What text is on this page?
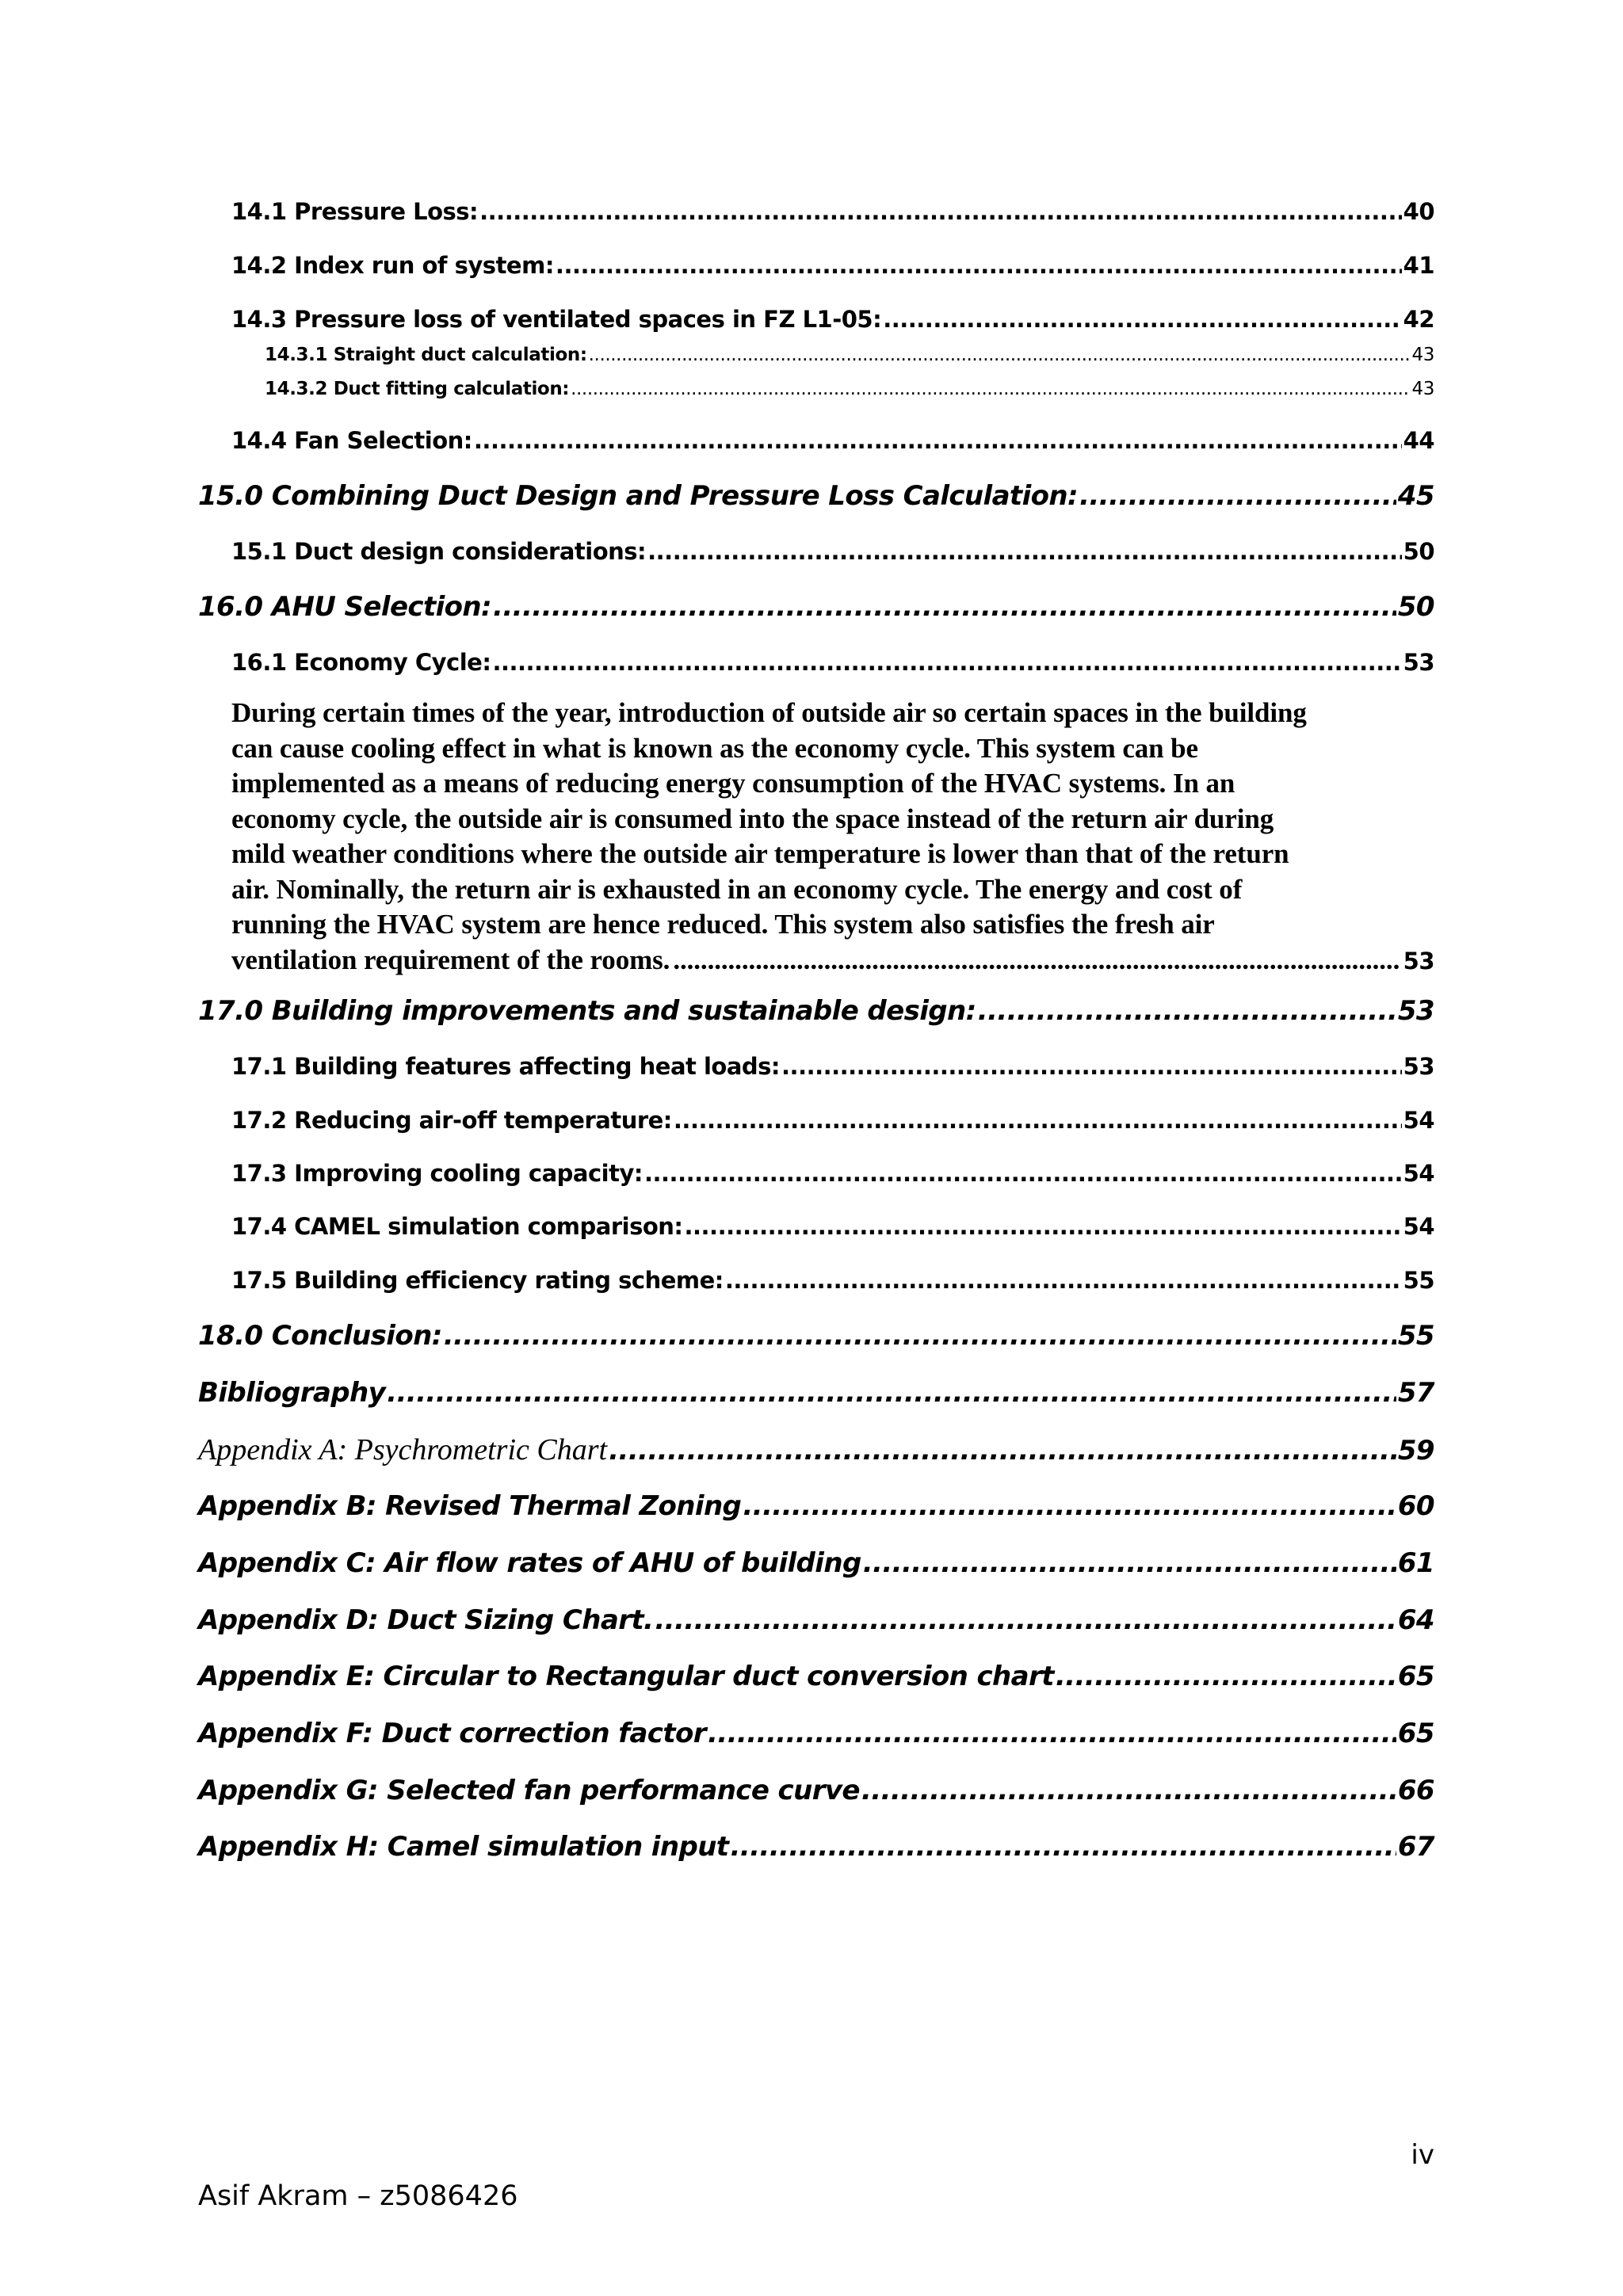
14.1 Pressure Loss: .....	40
14.2 Index run of system: .....	41
14.3 Pressure loss of ventilated spaces in FZ L1-05: .....	42
14.3.1 Straight duct calculation: .....	43
14.3.2 Duct fitting calculation: .....	43
14.4 Fan Selection: .....	44
15.0 Combining Duct Design and Pressure Loss Calculation: .....	45
15.1 Duct design considerations: .....	50
16.0 AHU Selection: .....	50
16.1 Economy Cycle: .....	53
During certain times of the year, introduction of outside air so certain spaces in the building
can cause cooling effect in what is known as the economy cycle. This system can be
implemented as a means of reducing energy consumption of the HVAC systems. In an
economy cycle, the outside air is consumed into the space instead of the return air during
mild weather conditions where the outside air temperature is lower than that of the return
air. Nominally, the return air is exhausted in an economy cycle. The energy and cost of
running the HVAC system are hence reduced. This system also satisfies the fresh air
ventilation requirement of the rooms. .....	53
17.0 Building improvements and sustainable design: .....	53
17.1 Building features affecting heat loads: .....	53
17.2 Reducing air-off temperature: .....	54
17.3 Improving cooling capacity: .....	54
17.4 CAMEL simulation comparison: .....	54
17.5 Building efficiency rating scheme: .....	55
18.0 Conclusion: .....	55
Bibliography .....	57
Appendix A: Psychrometric Chart .....	59
Appendix B: Revised Thermal Zoning .....	60
Appendix C: Air flow rates of AHU of building .....	61
Appendix D: Duct Sizing Chart. .....	64
Appendix E: Circular to Rectangular duct conversion chart .....	65
Appendix F: Duct correction factor .....	65
Appendix G: Selected fan performance curve .....	66
Appendix H: Camel simulation input .....	67
iv
Asif Akram – z5086426
